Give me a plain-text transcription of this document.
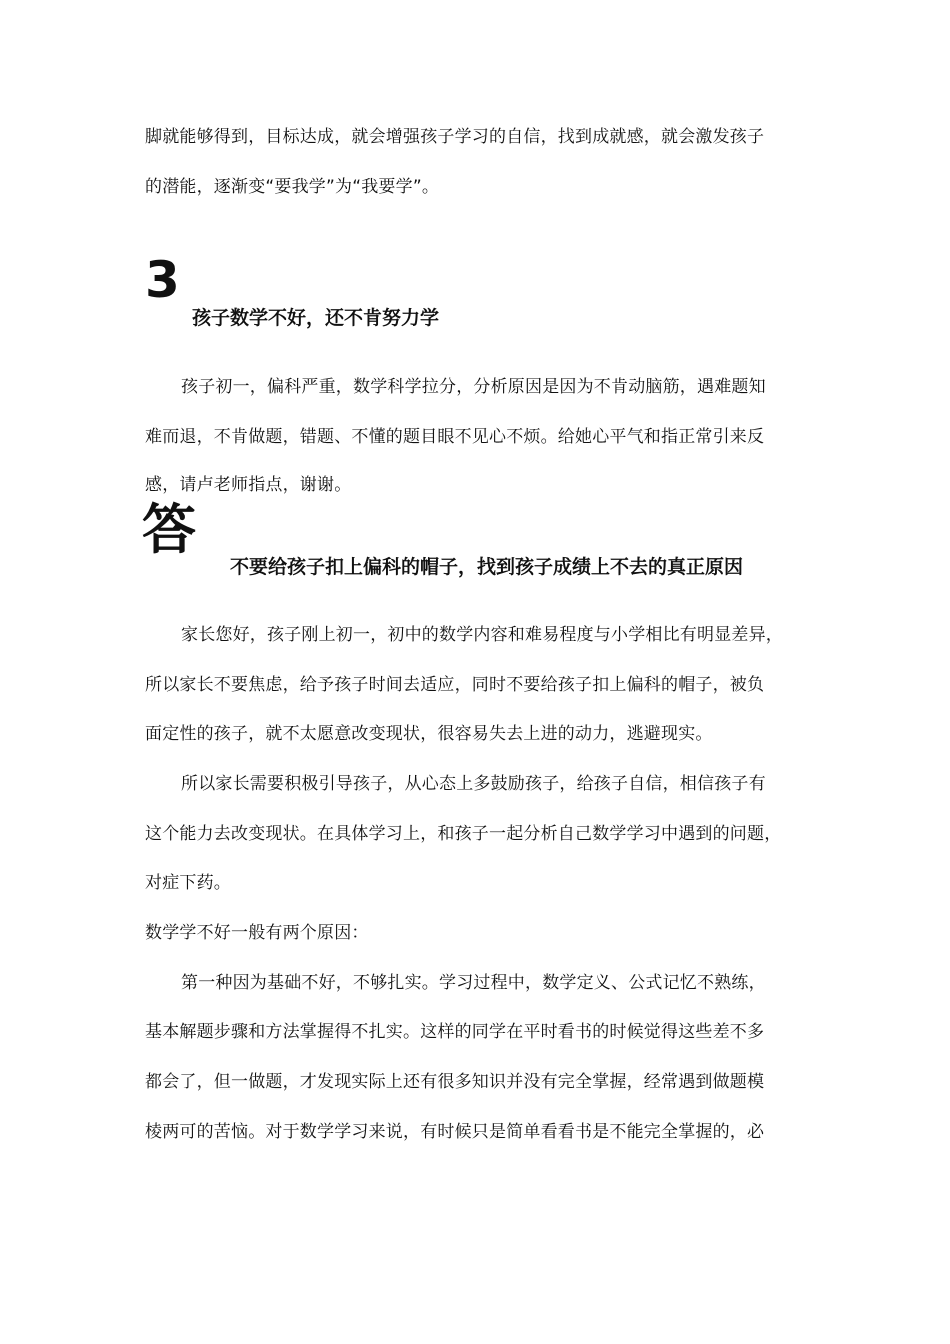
脚就能够得到，目标达成，就会增强孩子学习的自信，找到成就感，就会激发孩子
的潜能，逐渐变“要我学”为“我要学”。
3
孩子数学不好，还不肯努力学
孩子初一，偏科严重，数学科学拉分，分析原因是因为不肯动脑筋，遇难题知
难而退，不肯做题，错题、不懂的题目眼不见心不烦。给她心平气和指正常引来反
感，请卢老师指点，谢谢。
答
不要给孩子扣上偏科的帽子，找到孩子成绩上不去的真正原因
家长您好，孩子刚上初一，初中的数学内容和难易程度与小学相比有明显差异，
所以家长不要焦虑，给予孩子时间去适应，同时不要给孩子扣上偏科的帽子，被负
面定性的孩子，就不太愿意改变现状，很容易失去上进的动力，逃避现实。
所以家长需要积极引导孩子，从心态上多鼓励孩子，给孩子自信，相信孩子有
这个能力去改变现状。在具体学习上，和孩子一起分析自己数学学习中遇到的问题，
对症下药。
数学学不好一般有两个原因：
第一种因为基础不好，不够扎实。学习过程中，数学定义、公式记忆不熟练，
基本解题步骤和方法掌握得不扎实。这样的同学在平时看书的时候觉得这些差不多
都会了，但一做题，才发现实际上还有很多知识并没有完全掌握，经常遇到做题模
棱两可的苦恼。对于数学学习来说，有时候只是简单看看书是不能完全掌握的，必
